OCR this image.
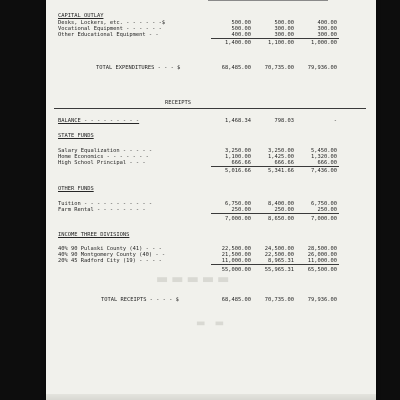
CAPITAL OUTLAY
Desks, Lockers, etc. - - - - - -$	500.00	500.00	400.00
Vocational Equipment - - - - - -	500.00	300.00	300.00
Other Educational Equipment - -	400.00	300.00	300.00
1,400.00	1,100.00	1,000.00
TOTAL EXPENDITURES - - - $	68,485.00	70,735.00	79,936.00
RECEIPTS
BALANCE - - - - - - - - -	1,468.34	798.03	-
STATE FUNDS
Salary Equalization - - - - -	3,250.00	3,250.00	5,450.00
Home Economics - - - - - - -	1,100.00	1,425.00	1,320.00
High School Principal - - -	666.66	666.66	666.00
5,016.66	5,341.66	7,436.00
OTHER FUNDS
Tuition - - - - - - - - - - -	6,750.00	8,400.00	6,750.00
Farm Rental - - - - - - - -	250.00	250.00	250.00
7,000.00	8,650.00	7,000.00
INCOME THREE DIVISIONS
40% 90 Pulaski County (41) - - -	22,500.00	24,500.00	28,500.00
40% 90 Montgomery County (40) - -	21,500.00	22,500.00	26,000.00
20% 45 Radford City (19) - - - -	11,000.00	8,965.31	11,000.00
55,000.00	55,965.31	65,500.00
▬▬▬▬▬
TOTAL RECEIPTS - - - - $	68,485.00	70,735.00	79,936.00
▬ ▬
